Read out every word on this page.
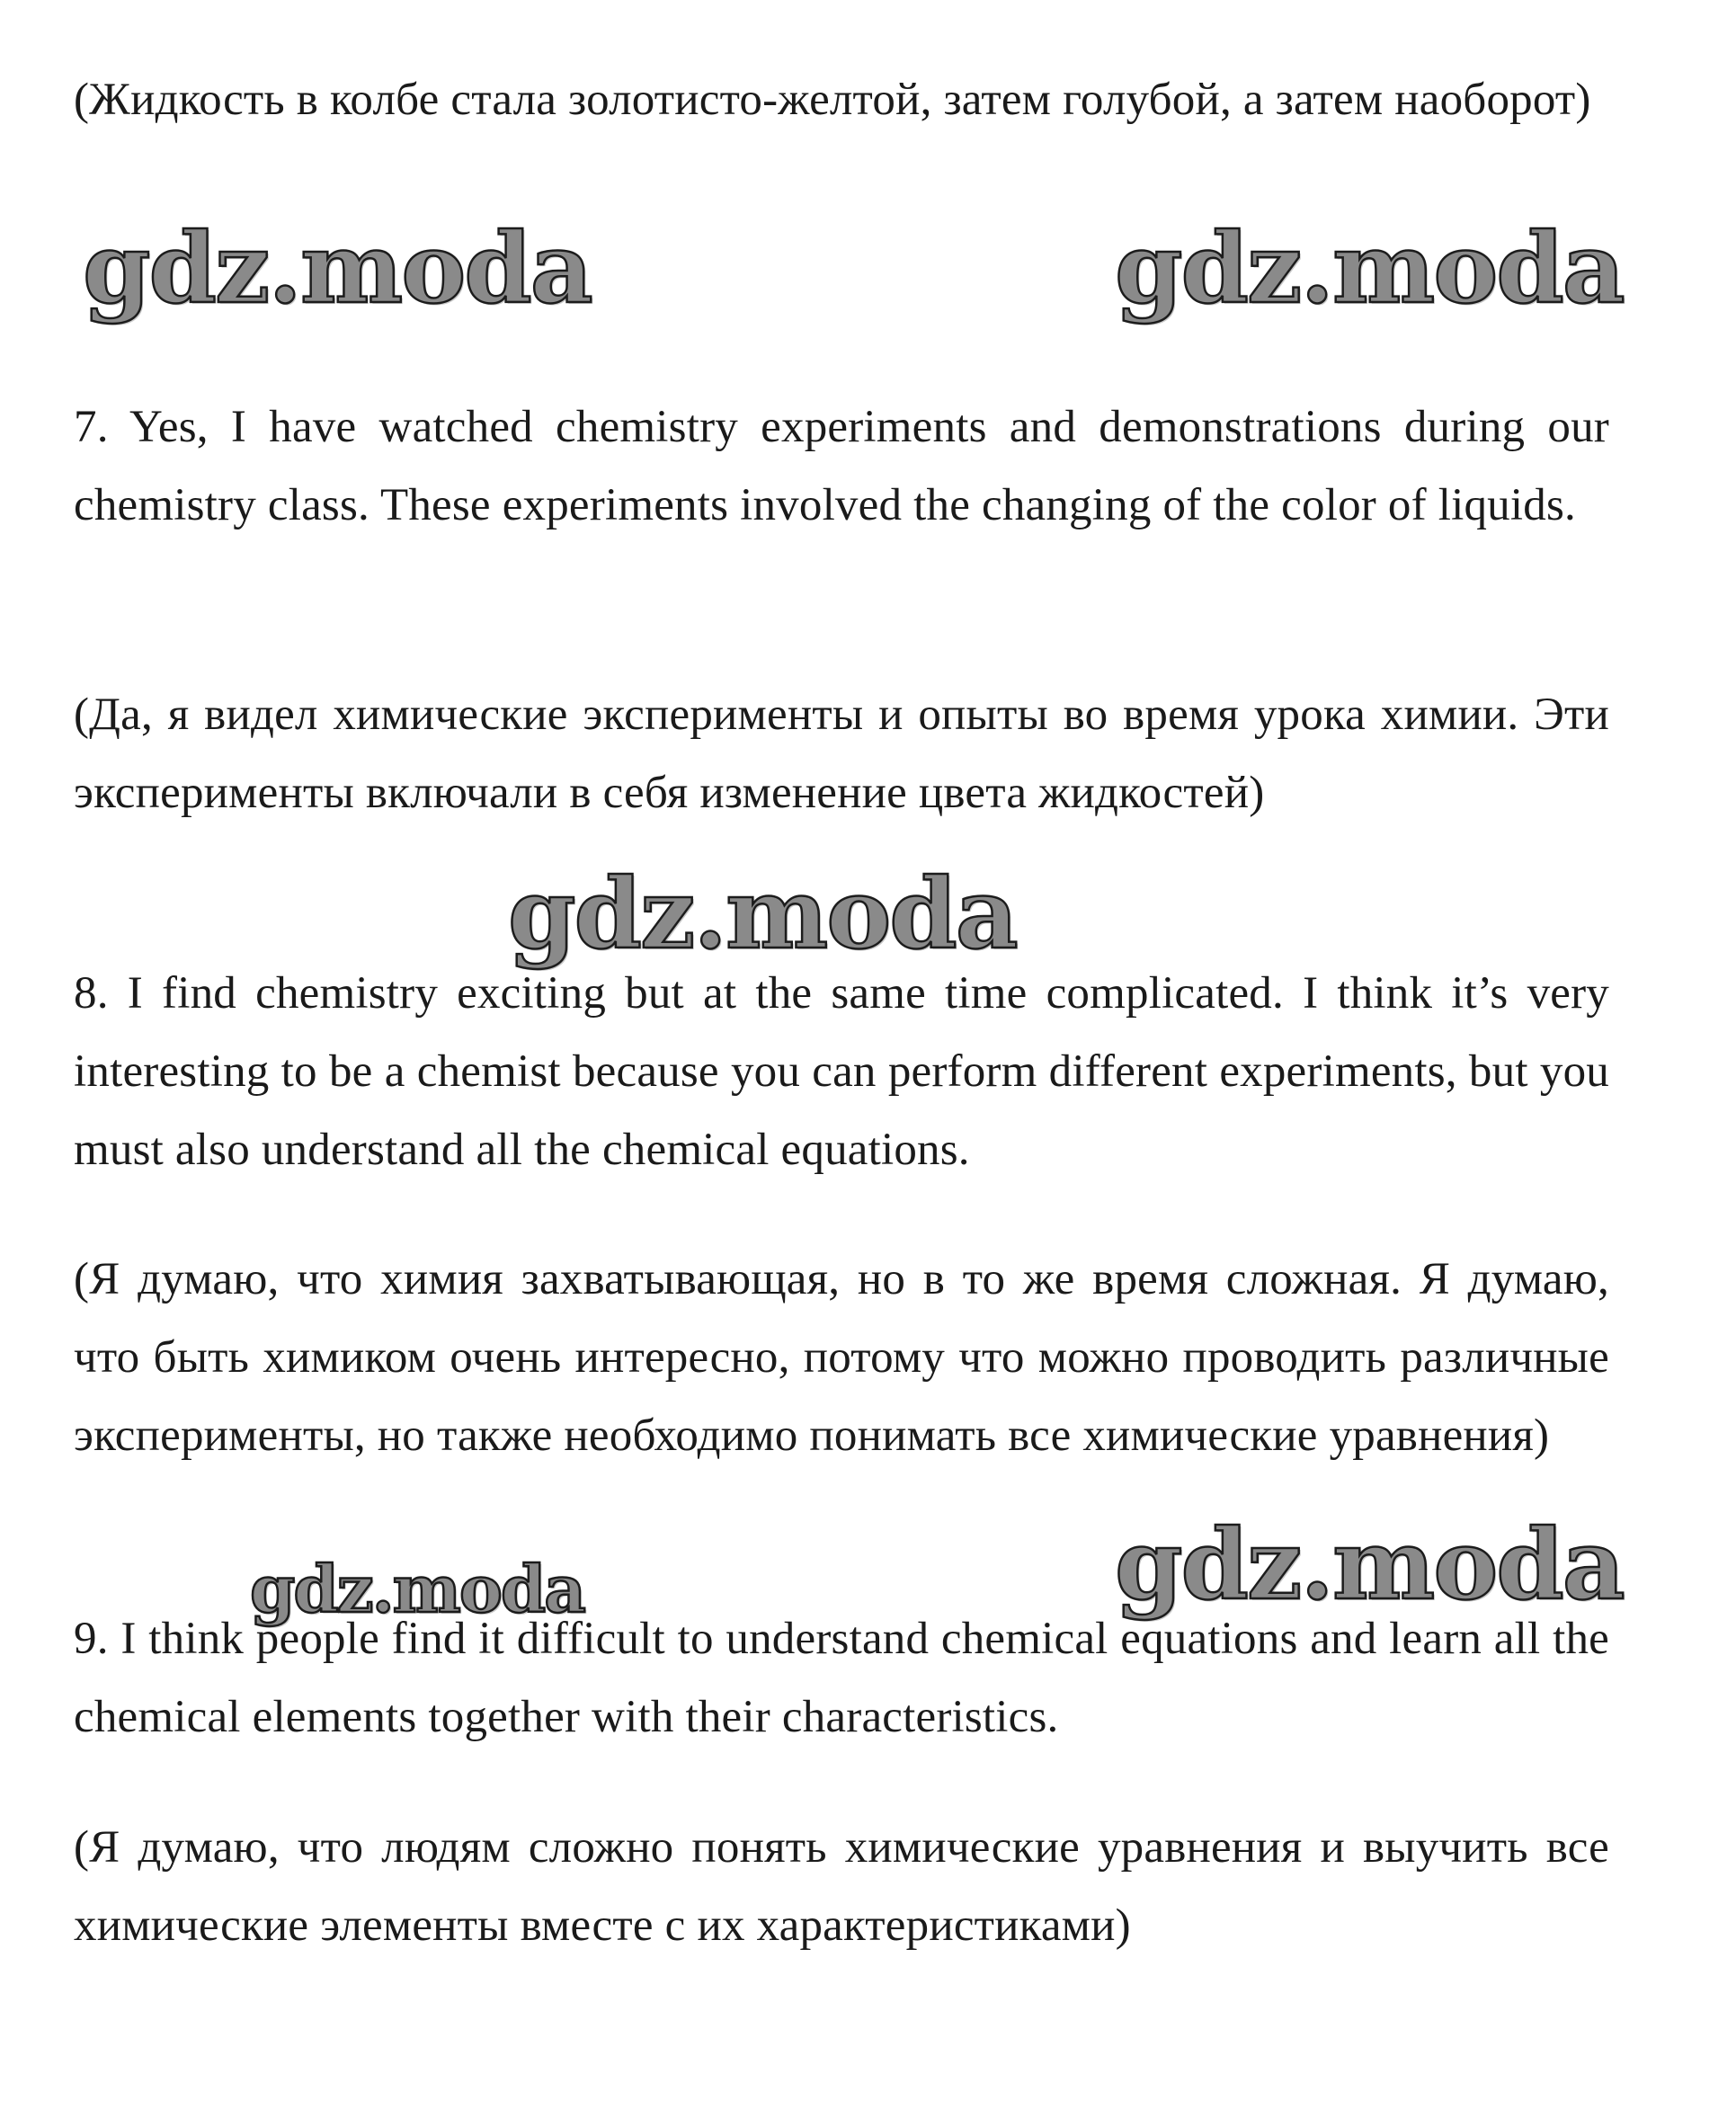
(Жидкость в колбе стала золотисто-желтой, затем голубой, а затем наоборот)

gdz.moda	gdz.moda

7. Yes, I have watched chemistry experiments and demonstrations during our chemistry class. These experiments involved the changing of the color of liquids.

(Да, я видел химические эксперименты и опыты во время урока химии. Эти эксперименты включали в себя изменение цвета жидкостей)

gdz.moda

8. I find chemistry exciting but at the same time complicated. I think it’s very interesting to be a chemist because you can perform different experiments, but you must also understand all the chemical equations.

(Я думаю, что химия захватывающая, но в то же время сложная. Я думаю, что быть химиком очень интересно, потому что можно проводить различные эксперименты, но также необходимо понимать все химические уравнения)

gdz.moda	gdz.moda

9. I think people find it difficult to understand chemical equations and learn all the chemical elements together with their characteristics.

(Я думаю, что людям сложно понять химические уравнения и выучить все химические элементы вместе с их характеристиками)
